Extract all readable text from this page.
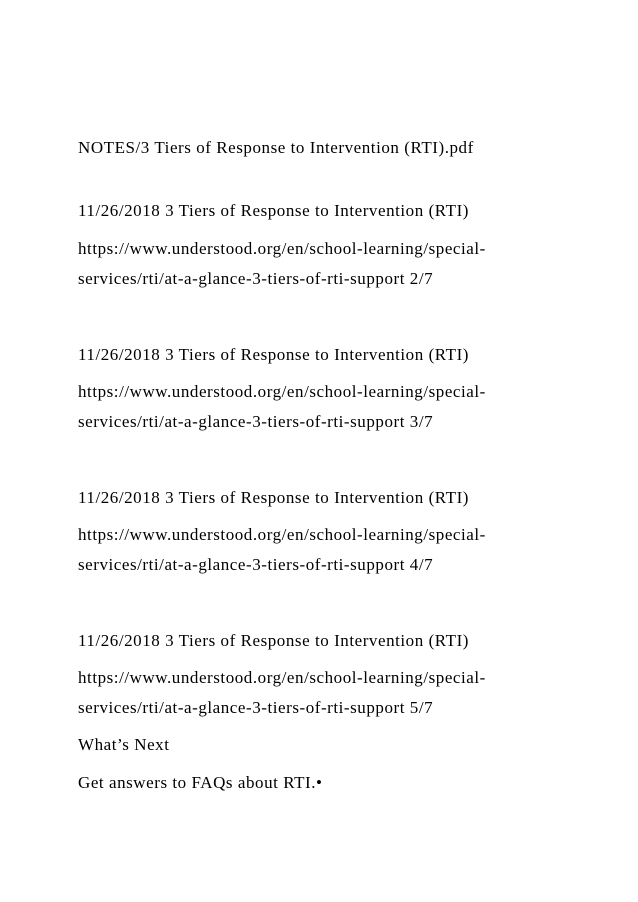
NOTES/3 Tiers of Response to Intervention (RTI).pdf
11/26/2018 3 Tiers of Response to Intervention (RTI)
https://www.understood.org/en/school-learning/special-
services/rti/at-a-glance-3-tiers-of-rti-support 2/7
11/26/2018 3 Tiers of Response to Intervention (RTI)
https://www.understood.org/en/school-learning/special-
services/rti/at-a-glance-3-tiers-of-rti-support 3/7
11/26/2018 3 Tiers of Response to Intervention (RTI)
https://www.understood.org/en/school-learning/special-
services/rti/at-a-glance-3-tiers-of-rti-support 4/7
11/26/2018 3 Tiers of Response to Intervention (RTI)
https://www.understood.org/en/school-learning/special-
services/rti/at-a-glance-3-tiers-of-rti-support 5/7
What’s Next
Get answers to FAQs about RTI.•
